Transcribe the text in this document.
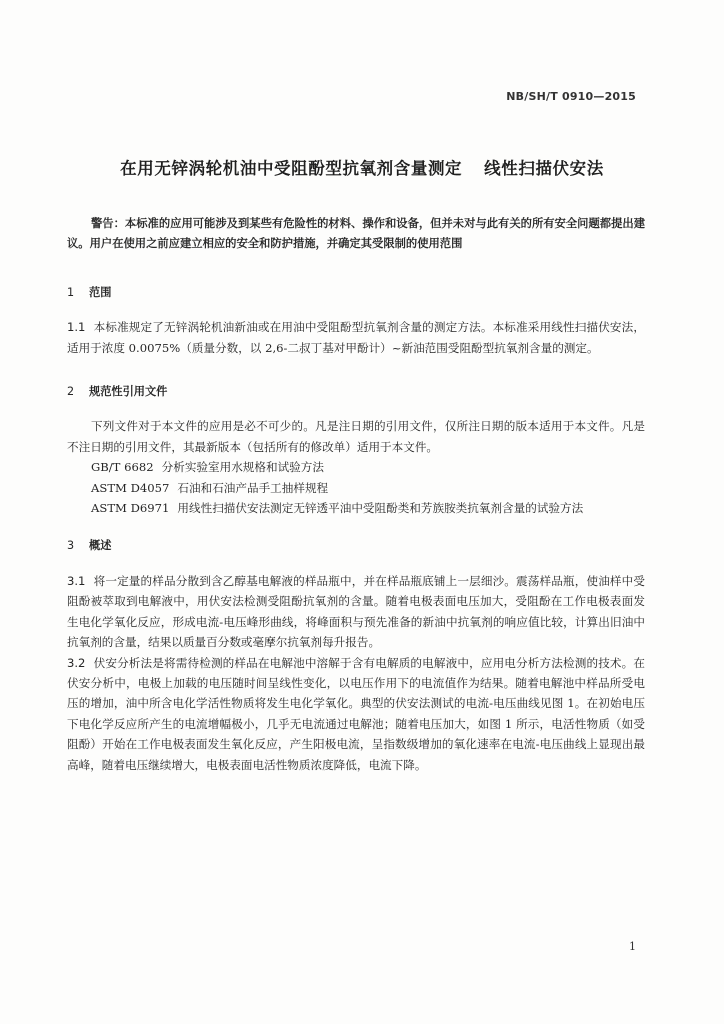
NB/SH/T 0910—2015
在用无锌涡轮机油中受阻酚型抗氧剂含量测定 线性扫描伏安法

警告：本标准的应用可能涉及到某些有危险性的材料、操作和设备，但并未对与此有关的所有安全问题都提出建议。用户在使用之前应建立相应的安全和防护措施，并确定其受限制的使用范围

1 范围

1.1 本标准规定了无锌涡轮机油新油或在用油中受阻酚型抗氧剂含量的测定方法。本标准采用线性扫描伏安法，适用于浓度 0.0075%（质量分数，以 2,6-二叔丁基对甲酚计）~新油范围受阻酚型抗氧剂含量的测定。

2 规范性引用文件

下列文件对于本文件的应用是必不可少的。凡是注日期的引用文件，仅所注日期的版本适用于本文件。凡是不注日期的引用文件，其最新版本（包括所有的修改单）适用于本文件。

GB/T 6682 分析实验室用水规格和试验方法

ASTM D4057 石油和石油产品手工抽样规程

ASTM D6971 用线性扫描伏安法测定无锌透平油中受阻酚类和芳族胺类抗氧剂含量的试验方法

3 概述

3.1 将一定量的样品分散到含乙醇基电解液的样品瓶中，并在样品瓶底铺上一层细沙。震荡样品瓶，使油样中受阻酚被萃取到电解液中，用伏安法检测受阻酚抗氧剂的含量。随着电极表面电压加大，受阻酚在工作电极表面发生电化学氧化反应，形成电流-电压峰形曲线，将峰面积与预先准备的新油中抗氧剂的响应值比较，计算出旧油中抗氧剂的含量，结果以质量百分数或毫摩尔抗氧剂每升报告。

3.2 伏安分析法是将需待检测的样品在电解池中溶解于含有电解质的电解液中，应用电分析方法检测的技术。在伏安分析中，电极上加载的电压随时间呈线性变化，以电压作用下的电流值作为结果。随着电解池中样品所受电压的增加，油中所含电化学活性物质将发生电化学氧化。典型的伏安法测试的电流-电压曲线见图 1。在初始电压下电化学反应所产生的电流增幅极小，几乎无电流通过电解池；随着电压加大，如图 1 所示，电活性物质（如受阻酚）开始在工作电极表面发生氧化反应，产生阳极电流，呈指数级增加的氧化速率在电流-电压曲线上显现出最高峰，随着电压继续增大，电极表面电活性物质浓度降低，电流下降。

1
